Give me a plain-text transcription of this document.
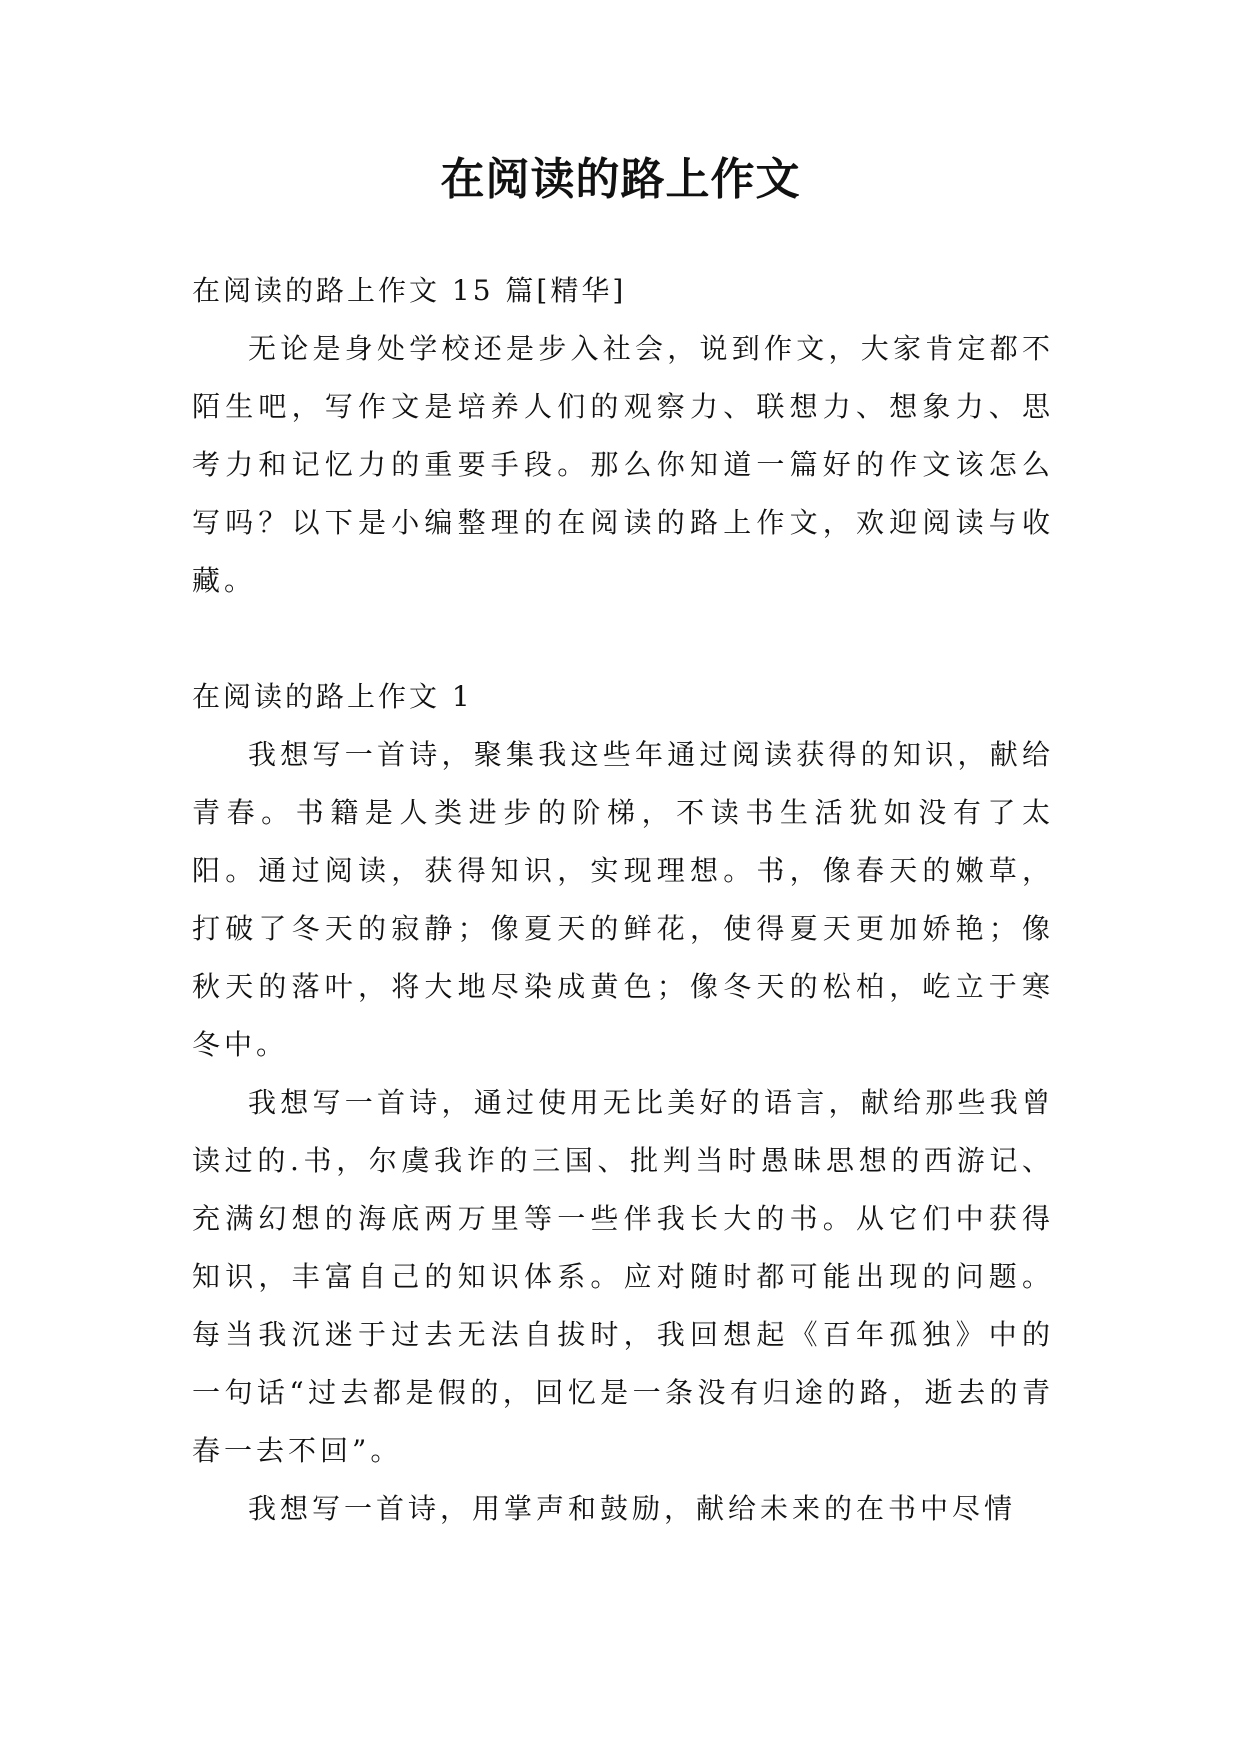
在阅读的路上作文

在阅读的路上作文 15 篇[精华]

无论是身处学校还是步入社会，说到作文，大家肯定都不陌生吧，写作文是培养人们的观察力、联想力、想象力、思考力和记忆力的重要手段。那么你知道一篇好的作文该怎么写吗？以下是小编整理的在阅读的路上作文，欢迎阅读与收藏。

在阅读的路上作文 1

我想写一首诗，聚集我这些年通过阅读获得的知识，献给青春。书籍是人类进步的阶梯，不读书生活犹如没有了太阳。通过阅读，获得知识，实现理想。书，像春天的嫩草，打破了冬天的寂静；像夏天的鲜花，使得夏天更加娇艳；像秋天的落叶，将大地尽染成黄色；像冬天的松柏，屹立于寒冬中。

我想写一首诗，通过使用无比美好的语言，献给那些我曾读过的.书，尔虞我诈的三国、批判当时愚昧思想的西游记、充满幻想的海底两万里等一些伴我长大的书。从它们中获得知识，丰富自己的知识体系。应对随时都可能出现的问题。每当我沉迷于过去无法自拔时，我回想起《百年孤独》中的一句话“过去都是假的，回忆是一条没有归途的路，逝去的青春一去不回”。

我想写一首诗，用掌声和鼓励，献给未来的在书中尽情
